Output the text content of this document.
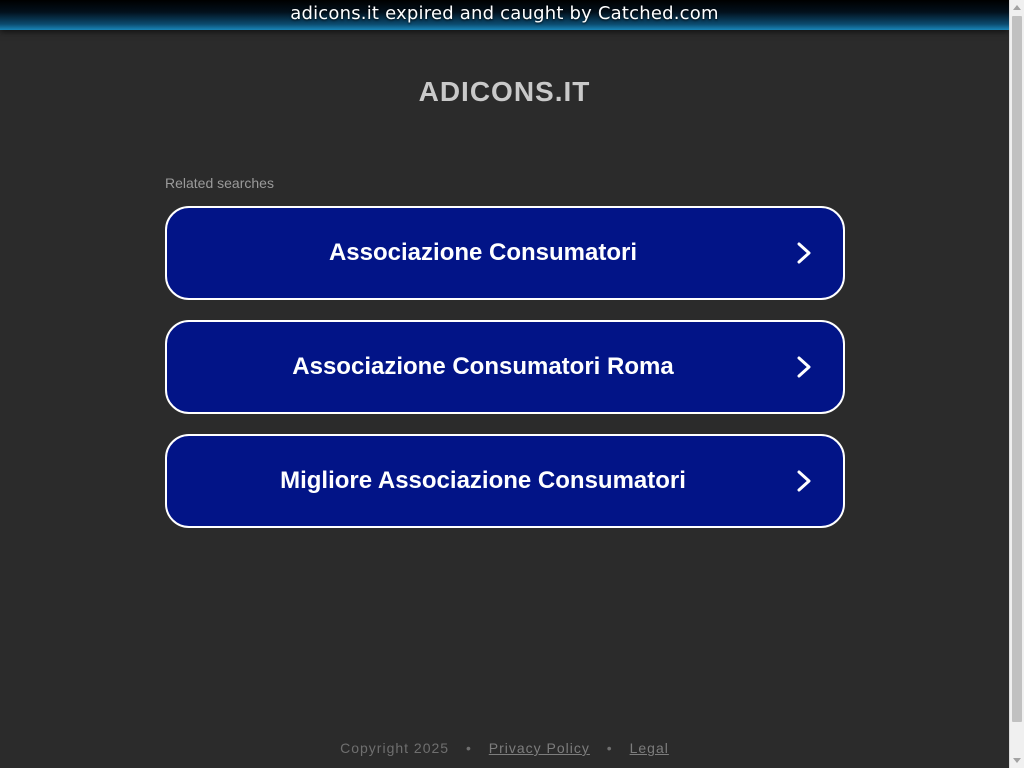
adicons.it expired and caught by Catched.com
ADICONS.IT
Related searches
Associazione Consumatori
Associazione Consumatori Roma
Migliore Associazione Consumatori
Copyright 2025 • Privacy Policy • Legal
